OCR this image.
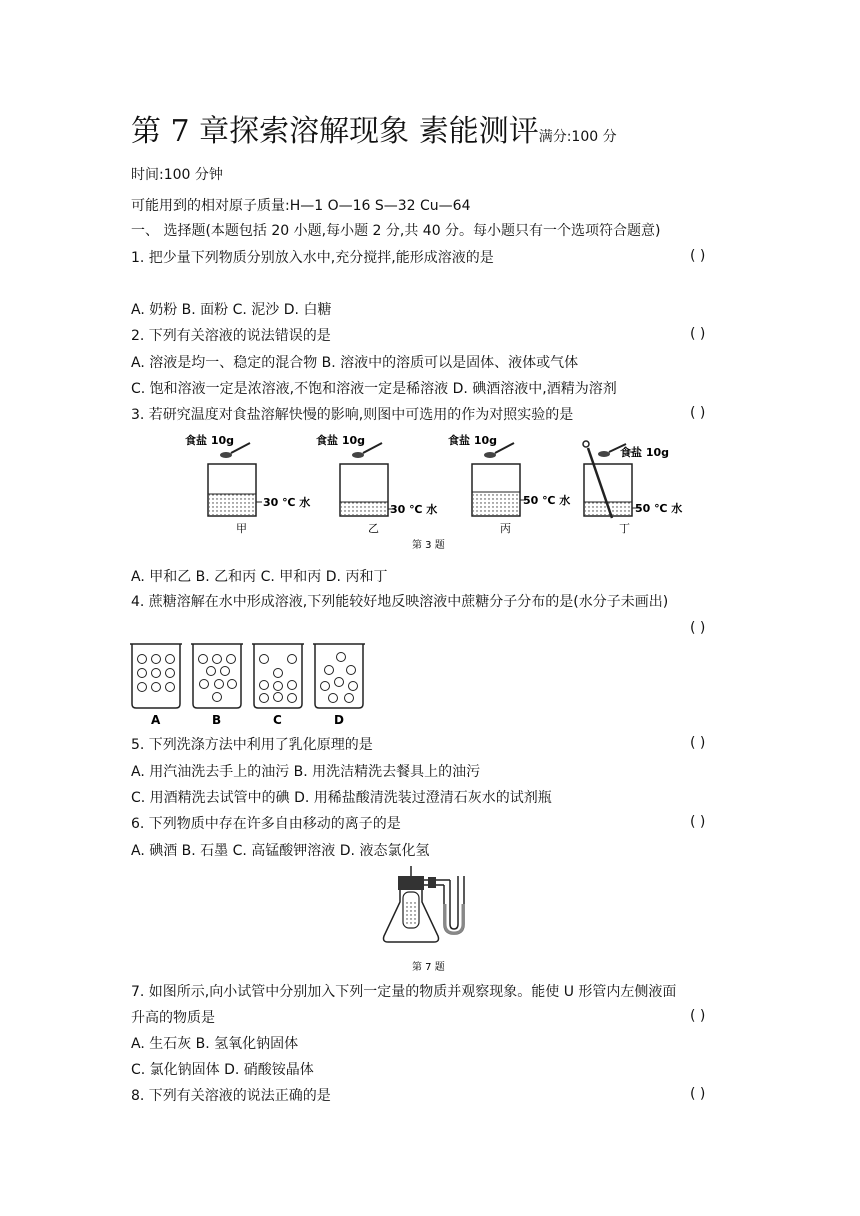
第 7 章探索溶解现象 素能测评满分:100 分
时间:100 分钟
可能用到的相对原子质量:H—1 O—16 S—32 Cu—64
一、 选择题(本题包括 20 小题,每小题 2 分,共 40 分。每小题只有一个选项符合题意)
1. 把少量下列物质分别放入水中,充分搅拌,能形成溶液的是	( )
A. 奶粉 B. 面粉 C. 泥沙 D. 白糖
2. 下列有关溶液的说法错误的是	( )
A. 溶液是均一、稳定的混合物 B. 溶液中的溶质可以是固体、液体或气体
C. 饱和溶液一定是浓溶液,不饱和溶液一定是稀溶液 D. 碘酒溶液中,酒精为溶剂
3. 若研究温度对食盐溶解快慢的影响,则图中可选用的作为对照实验的是	( )
食盐 10g
30 ℃ 水
甲
食盐 10g
30 ℃ 水
乙
食盐 10g
50 ℃ 水
丙
食盐 10g
50 ℃ 水
丁
第 3 题
A. 甲和乙 B. 乙和丙 C. 甲和丙 D. 丙和丁
4. 蔗糖溶解在水中形成溶液,下列能较好地反映溶液中蔗糖分子分布的是(水分子未画出)
( )
A	B	C	D
5. 下列洗涤方法中利用了乳化原理的是	( )
A. 用汽油洗去手上的油污 B. 用洗洁精洗去餐具上的油污
C. 用酒精洗去试管中的碘 D. 用稀盐酸清洗装过澄清石灰水的试剂瓶
6. 下列物质中存在许多自由移动的离子的是	( )
A. 碘酒 B. 石墨 C. 高锰酸钾溶液 D. 液态氯化氢
第 7 题
7. 如图所示,向小试管中分别加入下列一定量的物质并观察现象。能使 U 形管内左侧液面
升高的物质是	( )
A. 生石灰 B. 氢氧化钠固体
C. 氯化钠固体 D. 硝酸铵晶体
8. 下列有关溶液的说法正确的是	( )
